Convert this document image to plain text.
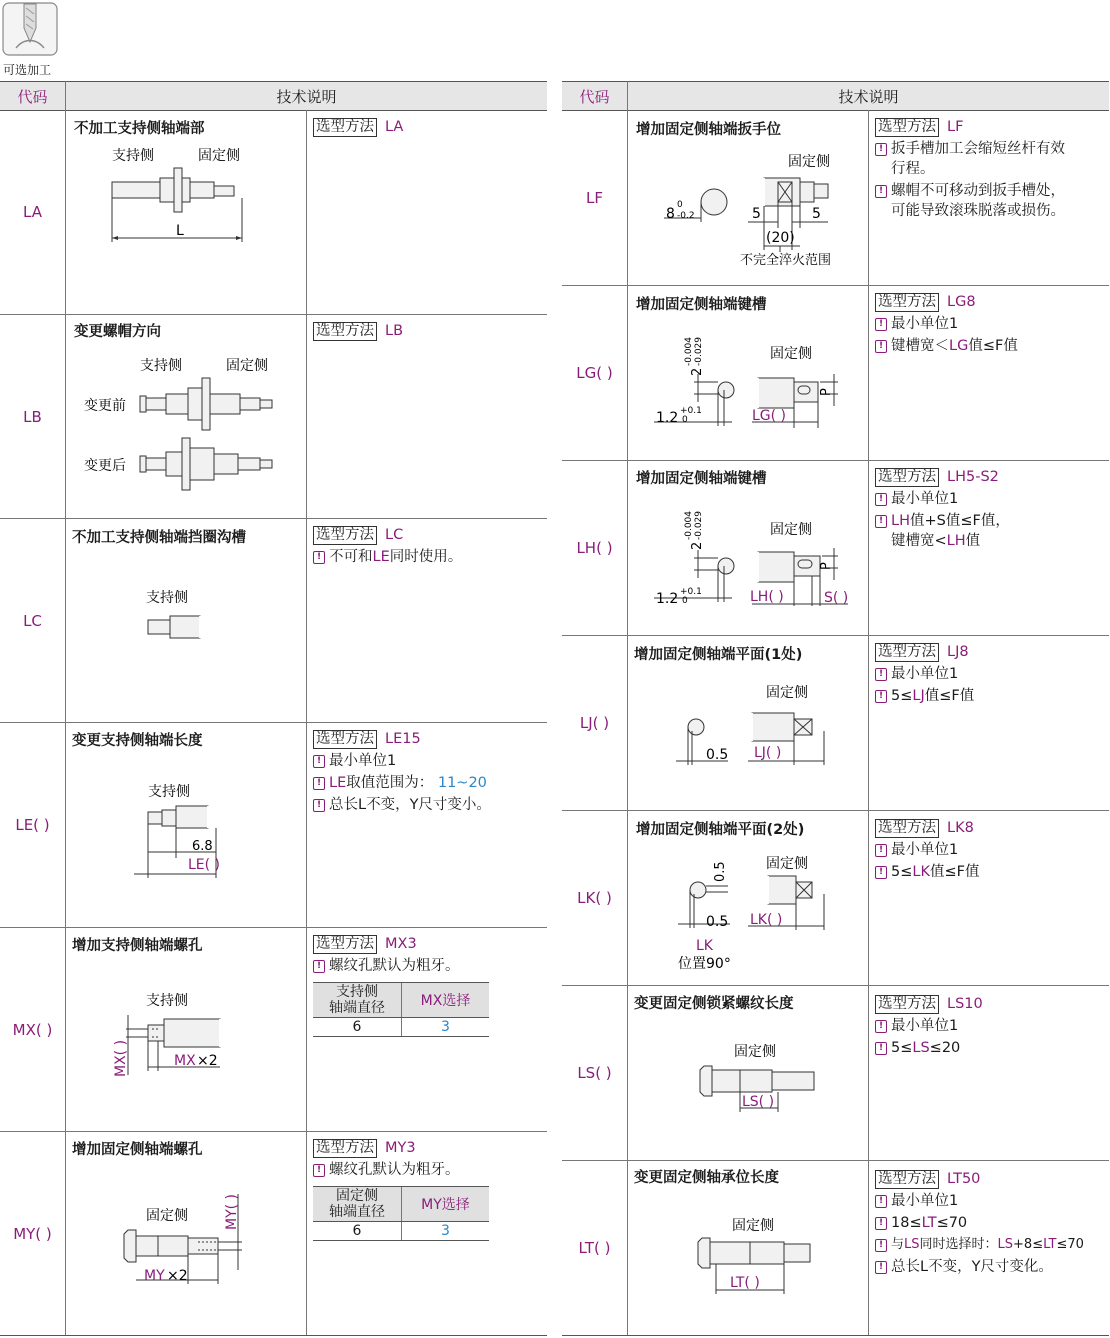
可选加工
代码	技术说明	代码	技术说明
LA
不加工支持侧轴端部	选型方法 LA
支持侧	固定侧
L
LB
变更螺帽方向	选型方法 LB
支持侧	固定侧
变更前
变更后
LC
不加工支持侧轴端挡圈沟槽	选型方法 LC
! 不可和LE同时使用。
支持侧
LE( )
变更支持侧轴端长度	选型方法 LE15
! 最小单位1
! LE取值范围为： 11~20
! 总长L不变，Y尺寸变小。
支持侧
6.8
LE( )
MX( )
增加支持侧轴端螺孔	选型方法 MX3
! 螺纹孔默认为粗牙。
支持侧
轴端直径	MX选择
6	3
支持侧
MX( )	MX ×2
MY( )
增加固定侧轴端螺孔	选型方法 MY3
! 螺纹孔默认为粗牙。
固定侧
轴端直径	MY选择
6	3
固定侧	MY( )
MY ×2
LF
增加固定侧轴端扳手位	选型方法 LF
! 扳手槽加工会缩短丝杆有效
行程。
! 螺帽不可移动到扳手槽处，
可能导致滚珠脱落或损伤。
固定侧
8
0
-0.2	5	5
(20)
不完全淬火范围
LG( )
增加固定侧轴端键槽	选型方法 LG8
! 最小单位1
! 键槽宽＜LG值≤F值
2
-0.004 -0.029
1.2 +0.1
0
固定侧
LG( )
P
LH( )
增加固定侧轴端键槽	选型方法 LH5-S2
! 最小单位1
! LH值+S值≤F值，
键槽宽<LH值
2
-0.004 -0.029
1.2 +0.1
0
固定侧
LH( )	S( )
P
LJ( )
增加固定侧轴端平面(1处)	选型方法 LJ8
! 最小单位1
! 5≤LJ值≤F值
固定侧
0.5 LJ( )
LK( )
增加固定侧轴端平面(2处)	选型方法 LK8
! 最小单位1
! 5≤LK值≤F值
固定侧
0.5
0.5 LK( )
LK
位置90°
LS( )
变更固定侧锁紧螺纹长度	选型方法 LS10
! 最小单位1
! 5≤LS≤20
固定侧
LS( )
LT( )
变更固定侧轴承位长度	选型方法 LT50
! 最小单位1
! 18≤LT≤70
! 与LS同时选择时：LS+8≤LT≤70
! 总长L不变，Y尺寸变化。
固定侧
LT( )
